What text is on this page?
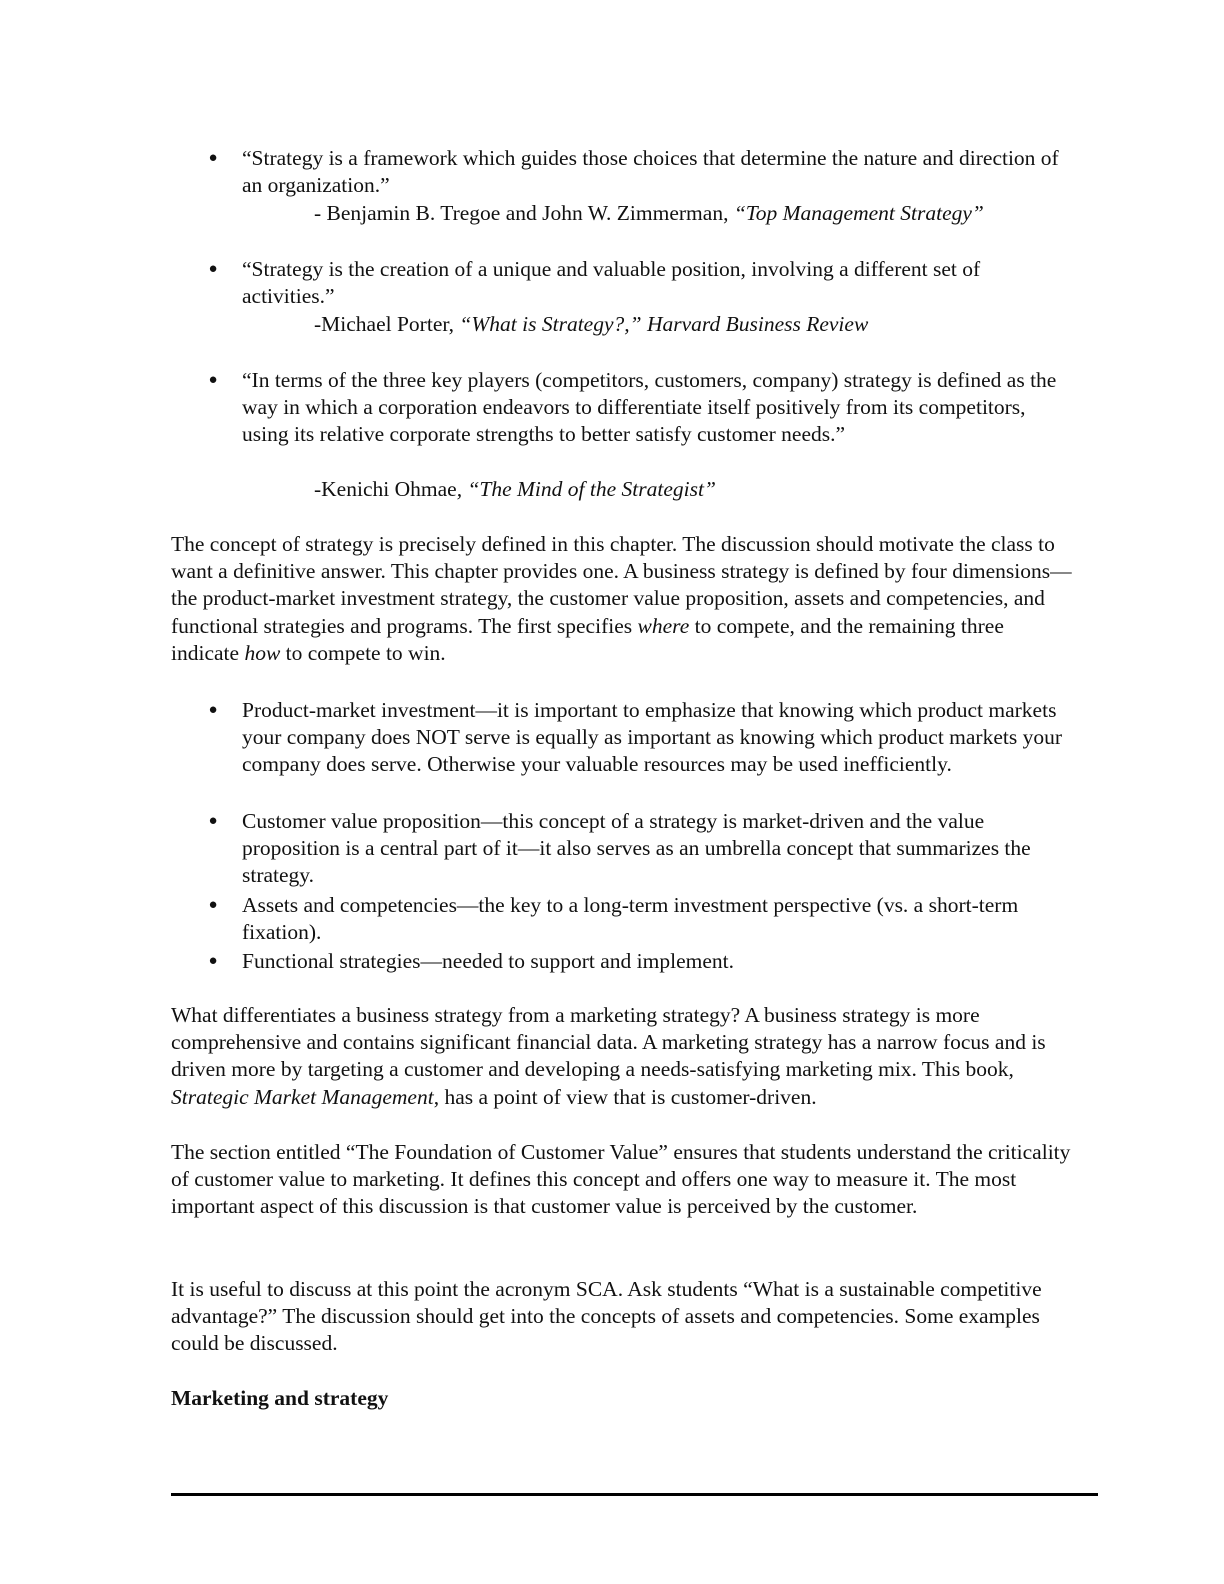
● “Strategy is a framework which guides those choices that determine the nature and direction of an organization.”

- Benjamin B. Tregoe and John W. Zimmerman, “Top Management Strategy”

● “Strategy is the creation of a unique and valuable position, involving a different set of activities.”

-Michael Porter, “What is Strategy?,” Harvard Business Review

● “In terms of the three key players (competitors, customers, company) strategy is defined as the way in which a corporation endeavors to differentiate itself positively from its competitors, using its relative corporate strengths to better satisfy customer needs.”

-Kenichi Ohmae, “The Mind of the Strategist”

The concept of strategy is precisely defined in this chapter. The discussion should motivate the class to want a definitive answer. This chapter provides one. A business strategy is defined by four dimensions—the product-market investment strategy, the customer value proposition, assets and competencies, and functional strategies and programs. The first specifies where to compete, and the remaining three indicate how to compete to win.

● Product-market investment—it is important to emphasize that knowing which product markets your company does NOT serve is equally as important as knowing which product markets your company does serve. Otherwise your valuable resources may be used inefficiently.

● Customer value proposition—this concept of a strategy is market-driven and the value proposition is a central part of it—it also serves as an umbrella concept that summarizes the strategy.

● Assets and competencies—the key to a long-term investment perspective (vs. a short-term fixation).

● Functional strategies—needed to support and implement.

What differentiates a business strategy from a marketing strategy? A business strategy is more comprehensive and contains significant financial data. A marketing strategy has a narrow focus and is driven more by targeting a customer and developing a needs-satisfying marketing mix. This book, Strategic Market Management, has a point of view that is customer-driven.

The section entitled “The Foundation of Customer Value” ensures that students understand the criticality of customer value to marketing. It defines this concept and offers one way to measure it. The most important aspect of this discussion is that customer value is perceived by the customer.

It is useful to discuss at this point the acronym SCA. Ask students “What is a sustainable competitive advantage?” The discussion should get into the concepts of assets and competencies. Some examples could be discussed.

Marketing and strategy
